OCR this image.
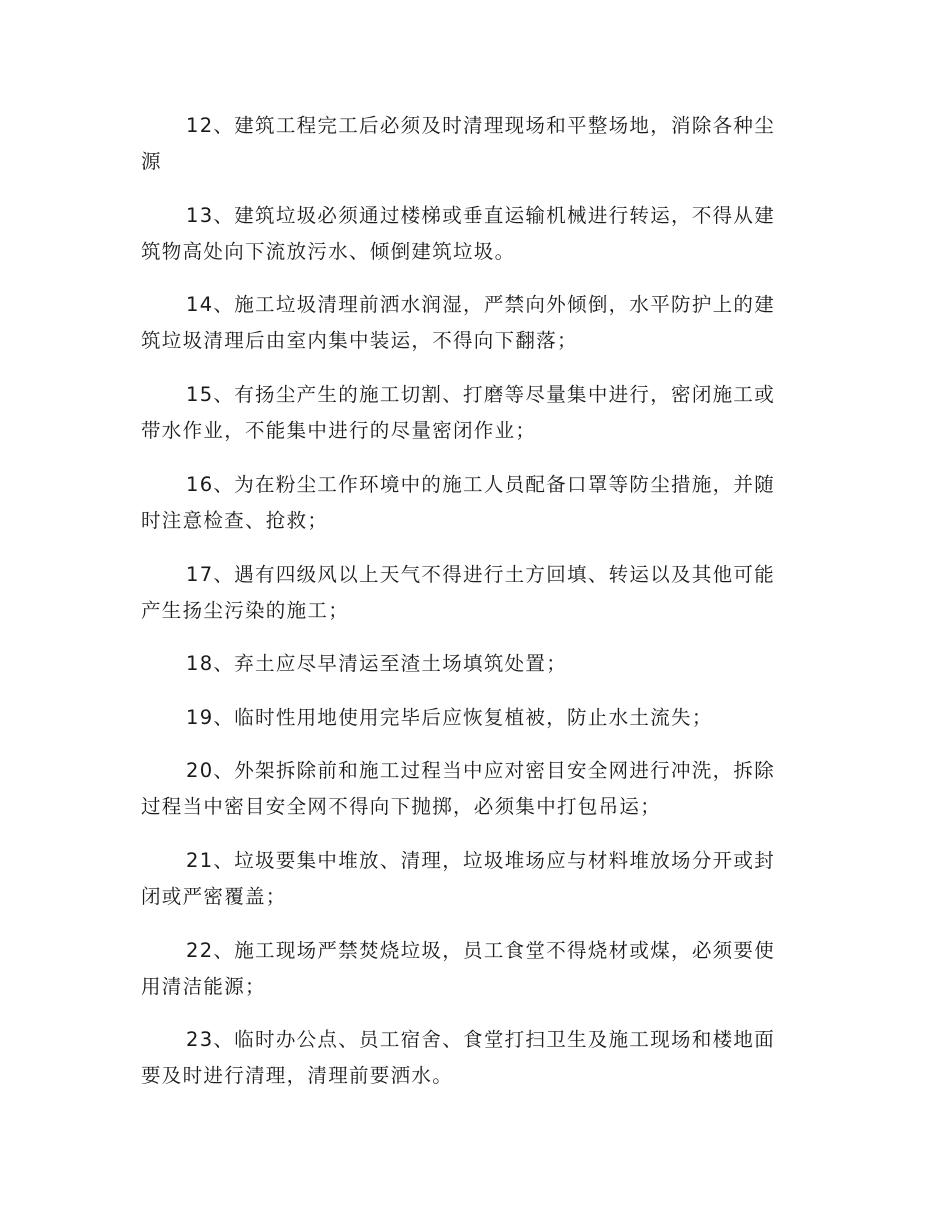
12、建筑工程完工后必须及时清理现场和平整场地，消除各种尘
源

13、建筑垃圾必须通过楼梯或垂直运输机械进行转运，不得从建
筑物高处向下流放污水、倾倒建筑垃圾。

14、施工垃圾清理前洒水润湿，严禁向外倾倒，水平防护上的建
筑垃圾清理后由室内集中装运，不得向下翻落；

15、有扬尘产生的施工切割、打磨等尽量集中进行，密闭施工或
带水作业，不能集中进行的尽量密闭作业；

16、为在粉尘工作环境中的施工人员配备口罩等防尘措施，并随
时注意检查、抢救；

17、遇有四级风以上天气不得进行土方回填、转运以及其他可能
产生扬尘污染的施工；

18、弃土应尽早清运至渣土场填筑处置；

19、临时性用地使用完毕后应恢复植被，防止水土流失；

20、外架拆除前和施工过程当中应对密目安全网进行冲洗，拆除
过程当中密目安全网不得向下抛掷，必须集中打包吊运；

21、垃圾要集中堆放、清理，垃圾堆场应与材料堆放场分开或封
闭或严密覆盖；

22、施工现场严禁焚烧垃圾，员工食堂不得烧材或煤，必须要使
用清洁能源；

23、临时办公点、员工宿舍、食堂打扫卫生及施工现场和楼地面
要及时进行清理，清理前要洒水。
